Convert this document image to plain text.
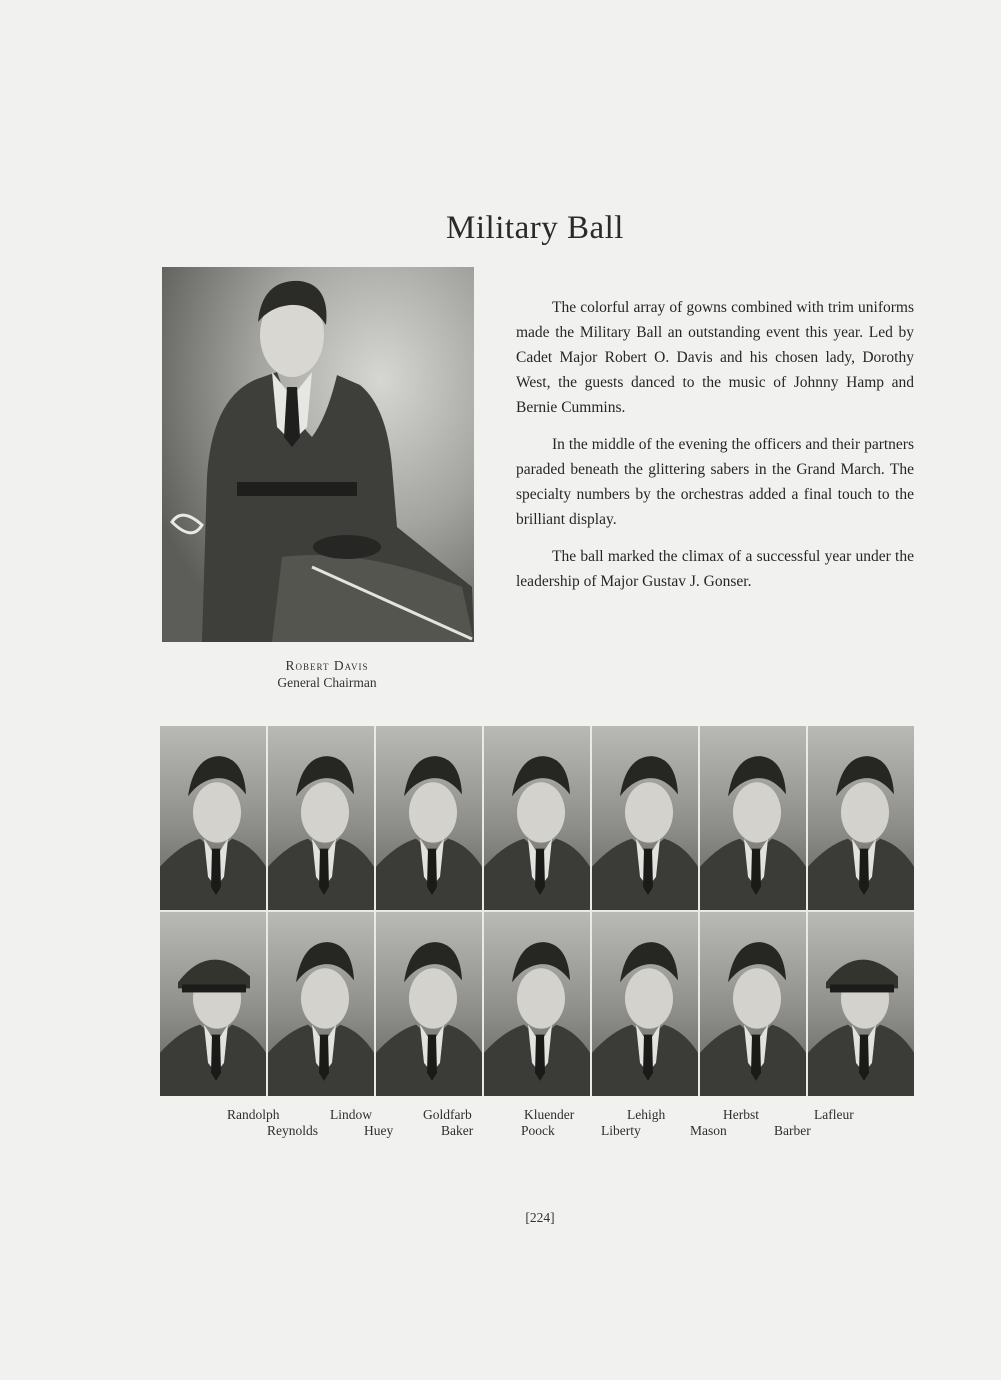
Military Ball
Robert Davis
General Chairman

The colorful array of gowns combined with trim uniforms made the Military Ball an outstanding event this year. Led by Cadet Major Robert O. Davis and his chosen lady, Dorothy West, the guests danced to the music of Johnny Hamp and Bernie Cummins.

In the middle of the evening the officers and their partners paraded beneath the glittering sabers in the Grand March. The specialty numbers by the orchestras added a final touch to the brilliant display.

The ball marked the climax of a successful year under the leadership of Major Gustav J. Gonser.

Randolph	Lindow	Goldfarb	Kluender	Lehigh	Herbst	Lafleur
Reynolds	Huey	Baker	Poock	Liberty	Mason	Barber
[224]
